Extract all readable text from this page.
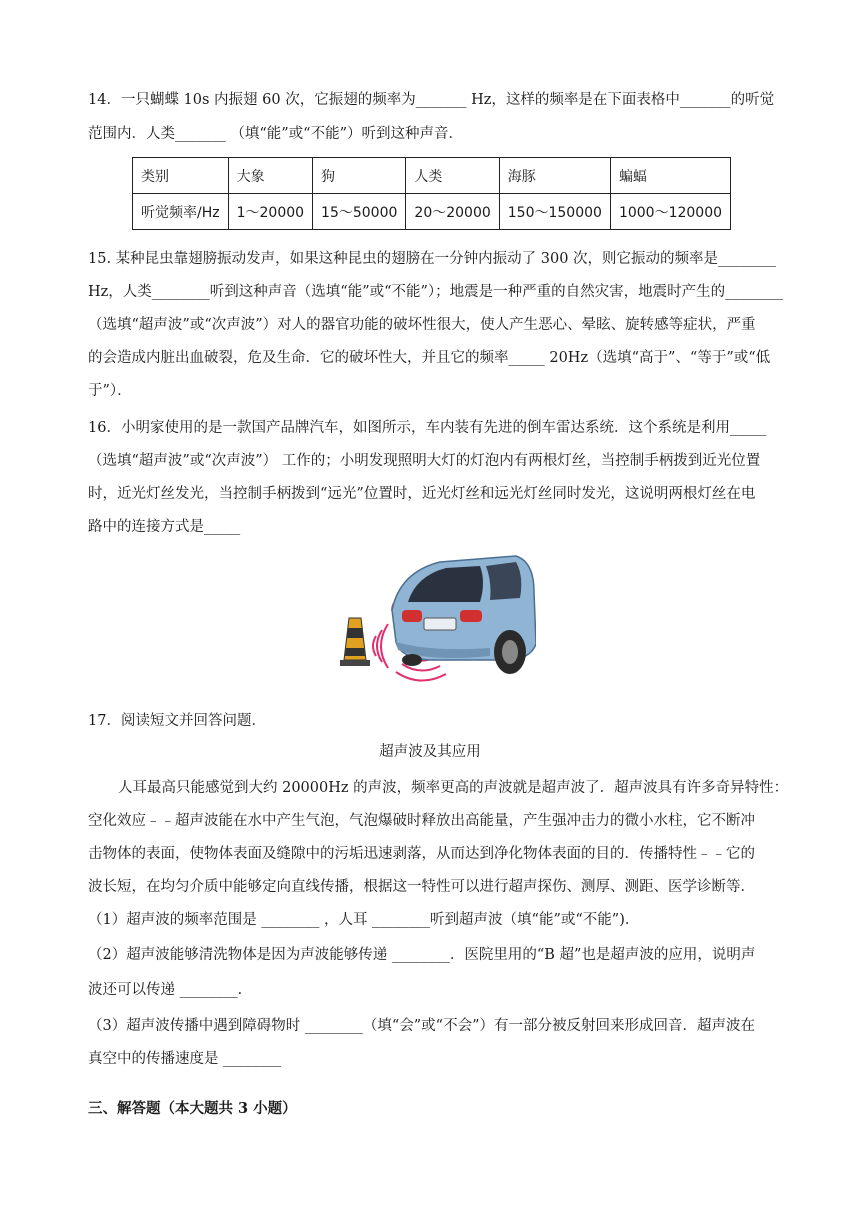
14．一只蝴蝶 10s 内振翅 60 次，它振翅的频率为_______ Hz，这样的频率是在下面表格中_______的听觉
范围内．人类_______ （填“能”或“不能”）听到这种声音．
类别	大象	狗	人类	海豚	蝙蝠
听觉频率/Hz	1～20000	15～50000	20～20000	150～150000	1000～120000
15. 某种昆虫靠翅膀振动发声，如果这种昆虫的翅膀在一分钟内振动了 300 次，则它振动的频率是________
Hz，人类________听到这种声音（选填“能”或“不能”）；地震是一种严重的自然灾害，地震时产生的________
（选填“超声波”或“次声波”）对人的器官功能的破坏性很大，使人产生恶心、晕眩、旋转感等症状，严重
的会造成内脏出血破裂，危及生命．它的破坏性大，并且它的频率_____ 20Hz（选填“高于”、“等于”或“低
于”）．
16．小明家使用的是一款国产品牌汽车，如图所示，车内装有先进的倒车雷达系统．这个系统是利用_____
（选填“超声波”或“次声波”） 工作的；小明发现照明大灯的灯泡内有两根灯丝，当控制手柄拨到近光位置
时，近光灯丝发光，当控制手柄拨到“远光”位置时，近光灯丝和远光灯丝同时发光，这说明两根灯丝在电
路中的连接方式是_____
17．阅读短文并回答问题．
超声波及其应用
人耳最高只能感觉到大约 20000Hz 的声波，频率更高的声波就是超声波了．超声波具有许多奇异特性：
空化效应﹣﹣超声波能在水中产生气泡，气泡爆破时释放出高能量，产生强冲击力的微小水柱，它不断冲
击物体的表面，使物体表面及缝隙中的污垢迅速剥落，从而达到净化物体表面的目的．传播特性﹣﹣它的
波长短，在均匀介质中能够定向直线传播，根据这一特性可以进行超声探伤、测厚、测距、医学诊断等．
（1）超声波的频率范围是 ________ ，人耳 ________听到超声波（填“能”或“不能”)．
（2）超声波能够清洗物体是因为声波能够传递 ________．医院里用的“B 超”也是超声波的应用，说明声
波还可以传递 ________．
（3）超声波传播中遇到障碍物时 ________（填“会”或“不会”）有一部分被反射回来形成回音．超声波在
真空中的传播速度是 ________
三、解答题（本大题共 3 小题）
